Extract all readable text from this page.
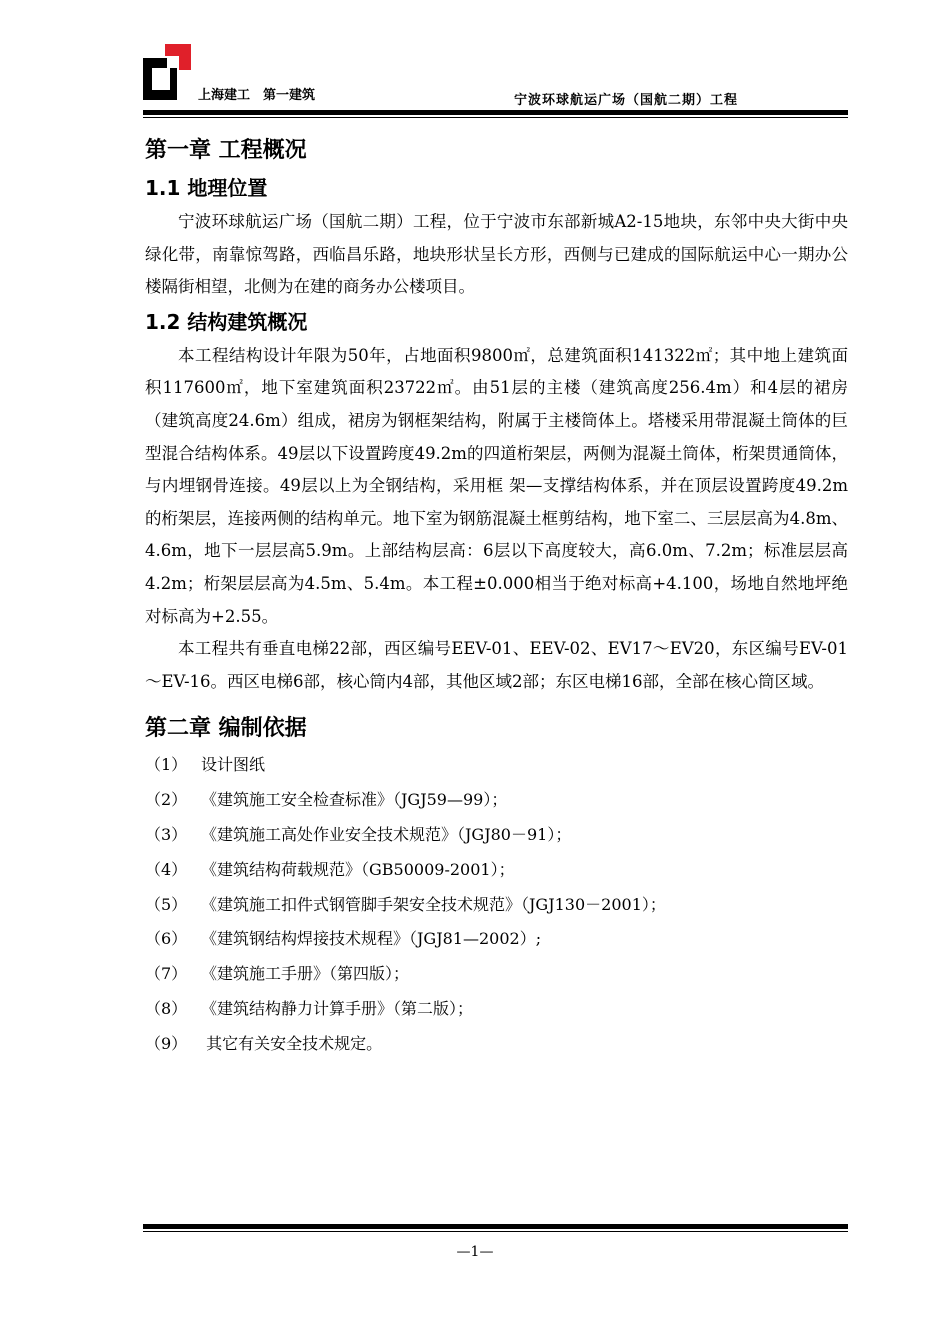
上海建工　第一建筑	宁波环球航运广场（国航二期）工程
第一章 工程概况
1.1 地理位置

宁波环球航运广场（国航二期）工程，位于宁波市东部新城A2-15地块，东邻中央大街中央绿化带，南靠惊驾路，西临昌乐路，地块形状呈长方形，西侧与已建成的国际航运中心一期办公楼隔街相望，北侧为在建的商务办公楼项目。

1.2 结构建筑概况

本工程结构设计年限为50年，占地面积9800㎡，总建筑面积141322㎡；其中地上建筑面积117600㎡，地下室建筑面积23722㎡。由51层的主楼（建筑高度256.4m）和4层的裙房（建筑高度24.6m）组成，裙房为钢框架结构，附属于主楼筒体上。塔楼采用带混凝土筒体的巨型混合结构体系。49层以下设置跨度49.2m的四道桁架层，两侧为混凝土筒体，桁架贯通筒体，与内埋钢骨连接。49层以上为全钢结构，采用框 架—支撑结构体系，并在顶层设置跨度49.2m的桁架层，连接两侧的结构单元。地下室为钢筋混凝土框剪结构，地下室二、三层层高为4.8m、4.6m，地下一层层高5.9m。上部结构层高：6层以下高度较大，高6.0m、7.2m；标准层层高4.2m；桁架层层高为4.5m、5.4m。本工程±0.000相当于绝对标高+4.100，场地自然地坪绝对标高为+2.55。

本工程共有垂直电梯22部，西区编号EEV-01、EEV-02、EV17～EV20，东区编号EV-01～EV-16。西区电梯6部，核心筒内4部，其他区域2部；东区电梯16部，全部在核心筒区域。

第二章 编制依据
（1） 设计图纸
（2） 《建筑施工安全检查标准》（JGJ59—99）；
（3） 《建筑施工高处作业安全技术规范》（JGJ80－91）；
（4） 《建筑结构荷载规范》（GB50009-2001）；
（5） 《建筑施工扣件式钢管脚手架安全技术规范》（JGJ130－2001）；
（6） 《建筑钢结构焊接技术规程》（JGJ81—2002）;
（7） 《建筑施工手册》（第四版）；
（8） 《建筑结构静力计算手册》（第二版）；
（9） 其它有关安全技术规定。
—1—
